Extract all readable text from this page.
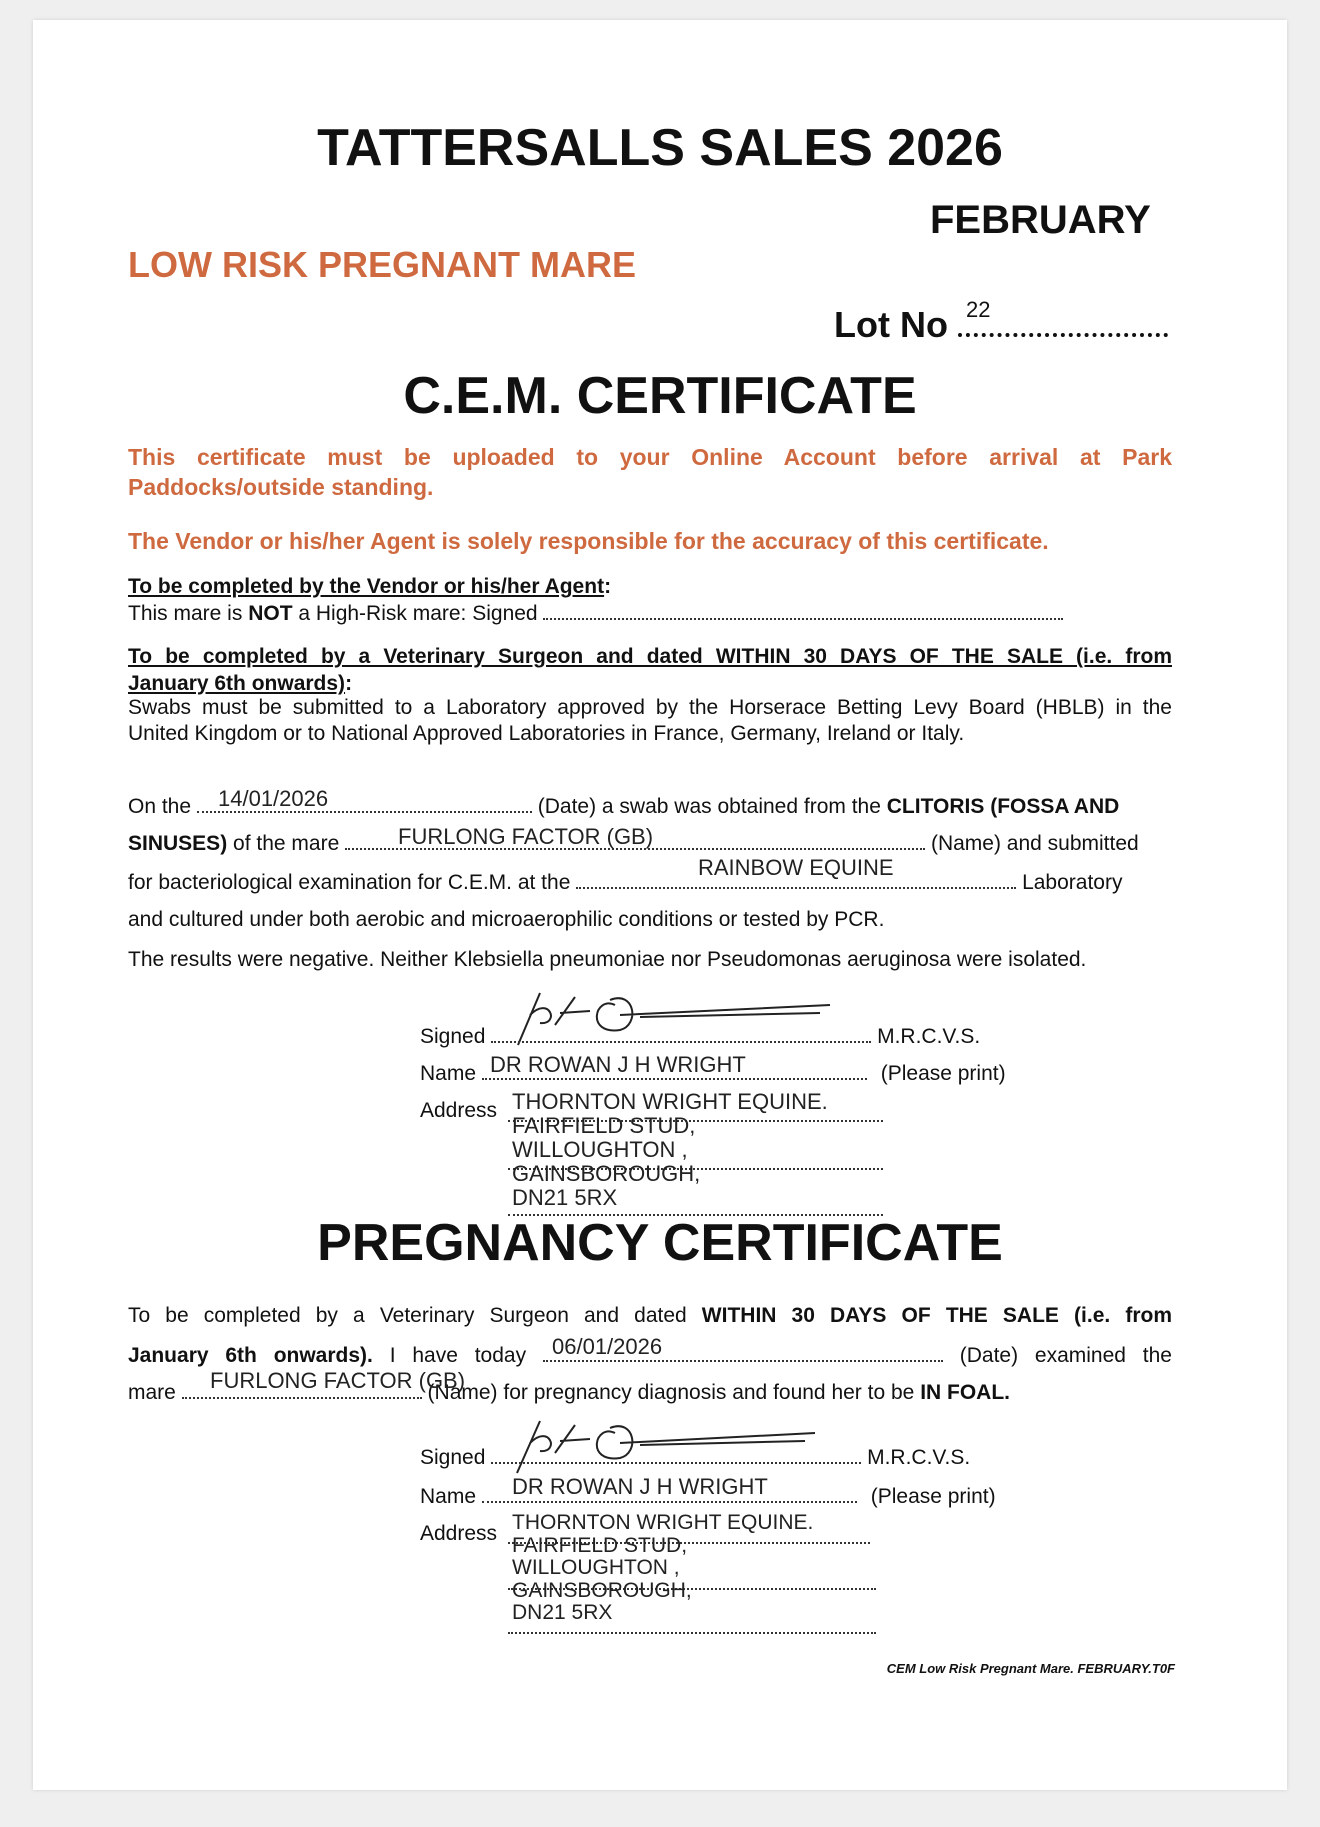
TATTERSALLS SALES 2026
FEBRUARY
LOW RISK PREGNANT MARE
Lot No 22
C.E.M. CERTIFICATE
This certificate must be uploaded to your Online Account before arrival at Park
Paddocks/outside standing.
The Vendor or his/her Agent is solely responsible for the accuracy of this certificate.
To be completed by the Vendor or his/her Agent:
This mare is NOT a High-Risk mare: Signed
To be completed by a Veterinary Surgeon and dated WITHIN 30 DAYS OF THE SALE (i.e. from
January 6th onwards):
Swabs must be submitted to a Laboratory approved by the Horserace Betting Levy Board (HBLB) in the
United Kingdom or to National Approved Laboratories in France, Germany, Ireland or Italy.
On the	(Date) a swab was obtained from the CLITORIS (FOSSA AND
14/01/2026
SINUSES) of the mare	(Name) and submitted
FURLONG FACTOR (GB)
for bacteriological examination for C.E.M. at the	Laboratory
RAINBOW EQUINE
and cultured under both aerobic and microaerophilic conditions or tested by PCR.
The results were negative. Neither Klebsiella pneumoniae nor Pseudomonas aeruginosa were isolated.
Signed	M.R.C.V.S.
Name	(Please print)
DR ROWAN J H WRIGHT
Address THORNTON WRIGHT EQUINE.
FAIRFIELD STUD,
WILLOUGHTON ,
GAINSBOROUGH,
DN21 5RX
PREGNANCY CERTIFICATE
To be completed by a Veterinary Surgeon and dated WITHIN 30 DAYS OF THE SALE (i.e. from
January 6th onwards). I have today	(Date) examined the
06/01/2026
mare	(Name) for pregnancy diagnosis and found her to be IN FOAL.
FURLONG FACTOR (GB)
Signed	M.R.C.V.S.
Name	(Please print)
DR ROWAN J H WRIGHT
Address THORNTON WRIGHT EQUINE.
FAIRFIELD STUD,
WILLOUGHTON ,
GAINSBOROUGH,
DN21 5RX
CEM Low Risk Pregnant Mare. FEBRUARY.T0F
